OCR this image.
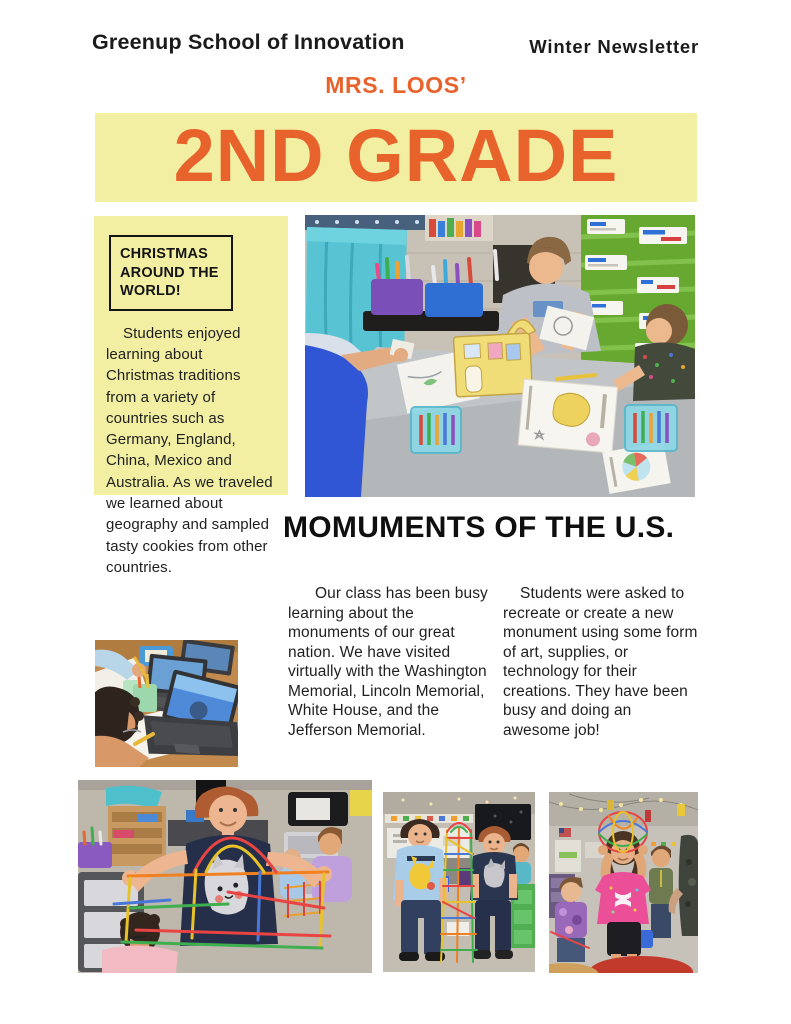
Greenup School of Innovation	Winter Newsletter
MRS. LOOS’
2ND GRADE
CHRISTMAS AROUND THE WORLD!

Students enjoyed learning about Christmas traditions from a variety of countries such as Germany, England, China, Mexico and Australia. As we traveled we learned about geography and sampled tasty cookies from other countries.

MOMUMENTS OF THE U.S.

Our class has been busy learning about the monuments of our great nation. We have visited virtually with the Washington Memorial, Lincoln Memorial, White House, and the Jefferson Memorial.

Students were asked to recreate or create a new monument using some form of art, supplies, or technology for their creations. They have been busy and doing an awesome job!
